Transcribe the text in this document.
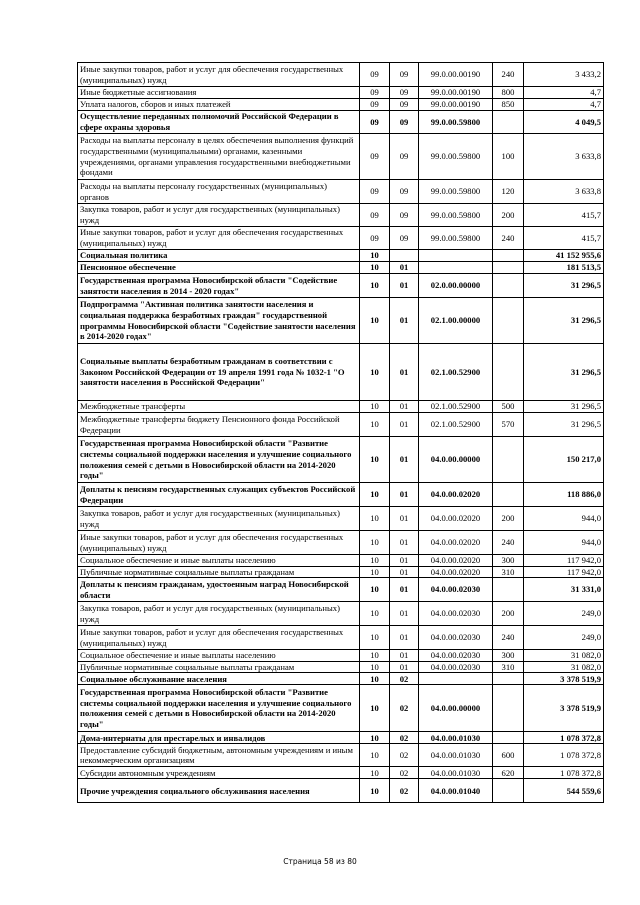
Иные закупки товаров, работ и услуг для обеспечения государственных (муниципальных) нужд	09	09	99.0.00.00190	240	3 433,2
Иные бюджетные ассигнования	09	09	99.0.00.00190	800	4,7
Уплата налогов, сборов и иных платежей	09	09	99.0.00.00190	850	4,7
Осуществление переданных полномочий Российской Федерации в сфере охраны здоровья	09	09	99.0.00.59800		4 049,5
Расходы на выплаты персоналу в целях обеспечения выполнения функций государственными (муниципальными) органами, казенными учреждениями, органами управления государственными внебюджетными фондами	09	09	99.0.00.59800	100	3 633,8
Расходы на выплаты персоналу государственных (муниципальных) органов	09	09	99.0.00.59800	120	3 633,8
Закупка товаров, работ и услуг для государственных (муниципальных) нужд	09	09	99.0.00.59800	200	415,7
Иные закупки товаров, работ и услуг для обеспечения государственных (муниципальных) нужд	09	09	99.0.00.59800	240	415,7
Социальная политика	10				41 152 955,6
Пенсионное обеспечение	10	01			181 513,5
Государственная программа Новосибирской области "Содействие занятости населения в 2014 - 2020 годах"	10	01	02.0.00.00000		31 296,5
Подпрограмма "Активная политика занятости населения и социальная поддержка безработных граждан" государственной программы Новосибирской области "Содействие занятости населения в 2014-2020 годах"	10	01	02.1.00.00000		31 296,5
Социальные выплаты безработным гражданам в соответствии с Законом Российской Федерации от 19 апреля 1991 года № 1032-1 "О занятости населения в Российской Федерации"	10	01	02.1.00.52900		31 296,5
Межбюджетные трансферты	10	01	02.1.00.52900	500	31 296,5
Межбюджетные трансферты бюджету Пенсионного фонда Российской Федерации	10	01	02.1.00.52900	570	31 296,5
Государственная программа Новосибирской области "Развитие системы социальной поддержки населения и улучшение социального положения семей с детьми в Новосибирской области на 2014-2020 годы"	10	01	04.0.00.00000		150 217,0
Доплаты к пенсиям государственных служащих субъектов Российской Федерации	10	01	04.0.00.02020		118 886,0
Закупка товаров, работ и услуг для государственных (муниципальных) нужд	10	01	04.0.00.02020	200	944,0
Иные закупки товаров, работ и услуг для обеспечения государственных (муниципальных) нужд	10	01	04.0.00.02020	240	944,0
Социальное обеспечение и иные выплаты населению	10	01	04.0.00.02020	300	117 942,0
Публичные нормативные социальные выплаты гражданам	10	01	04.0.00.02020	310	117 942,0
Доплаты к пенсиям гражданам, удостоенным наград Новосибирской области	10	01	04.0.00.02030		31 331,0
Закупка товаров, работ и услуг для государственных (муниципальных) нужд	10	01	04.0.00.02030	200	249,0
Иные закупки товаров, работ и услуг для обеспечения государственных (муниципальных) нужд	10	01	04.0.00.02030	240	249,0
Социальное обеспечение и иные выплаты населению	10	01	04.0.00.02030	300	31 082,0
Публичные нормативные социальные выплаты гражданам	10	01	04.0.00.02030	310	31 082,0
Социальное обслуживание населения	10	02			3 378 519,9
Государственная программа Новосибирской области "Развитие системы социальной поддержки населения и улучшение социального положения семей с детьми в Новосибирской области на 2014-2020 годы"	10	02	04.0.00.00000		3 378 519,9
Дома-интернаты для престарелых и инвалидов	10	02	04.0.00.01030		1 078 372,8
Предоставление субсидий бюджетным, автономным учреждениям и иным некоммерческим организациям	10	02	04.0.00.01030	600	1 078 372,8
Субсидии автономным учреждениям	10	02	04.0.00.01030	620	1 078 372,8
Прочие учреждения социального обслуживания населения	10	02	04.0.00.01040		544 559,6
Страница 58 из 80
